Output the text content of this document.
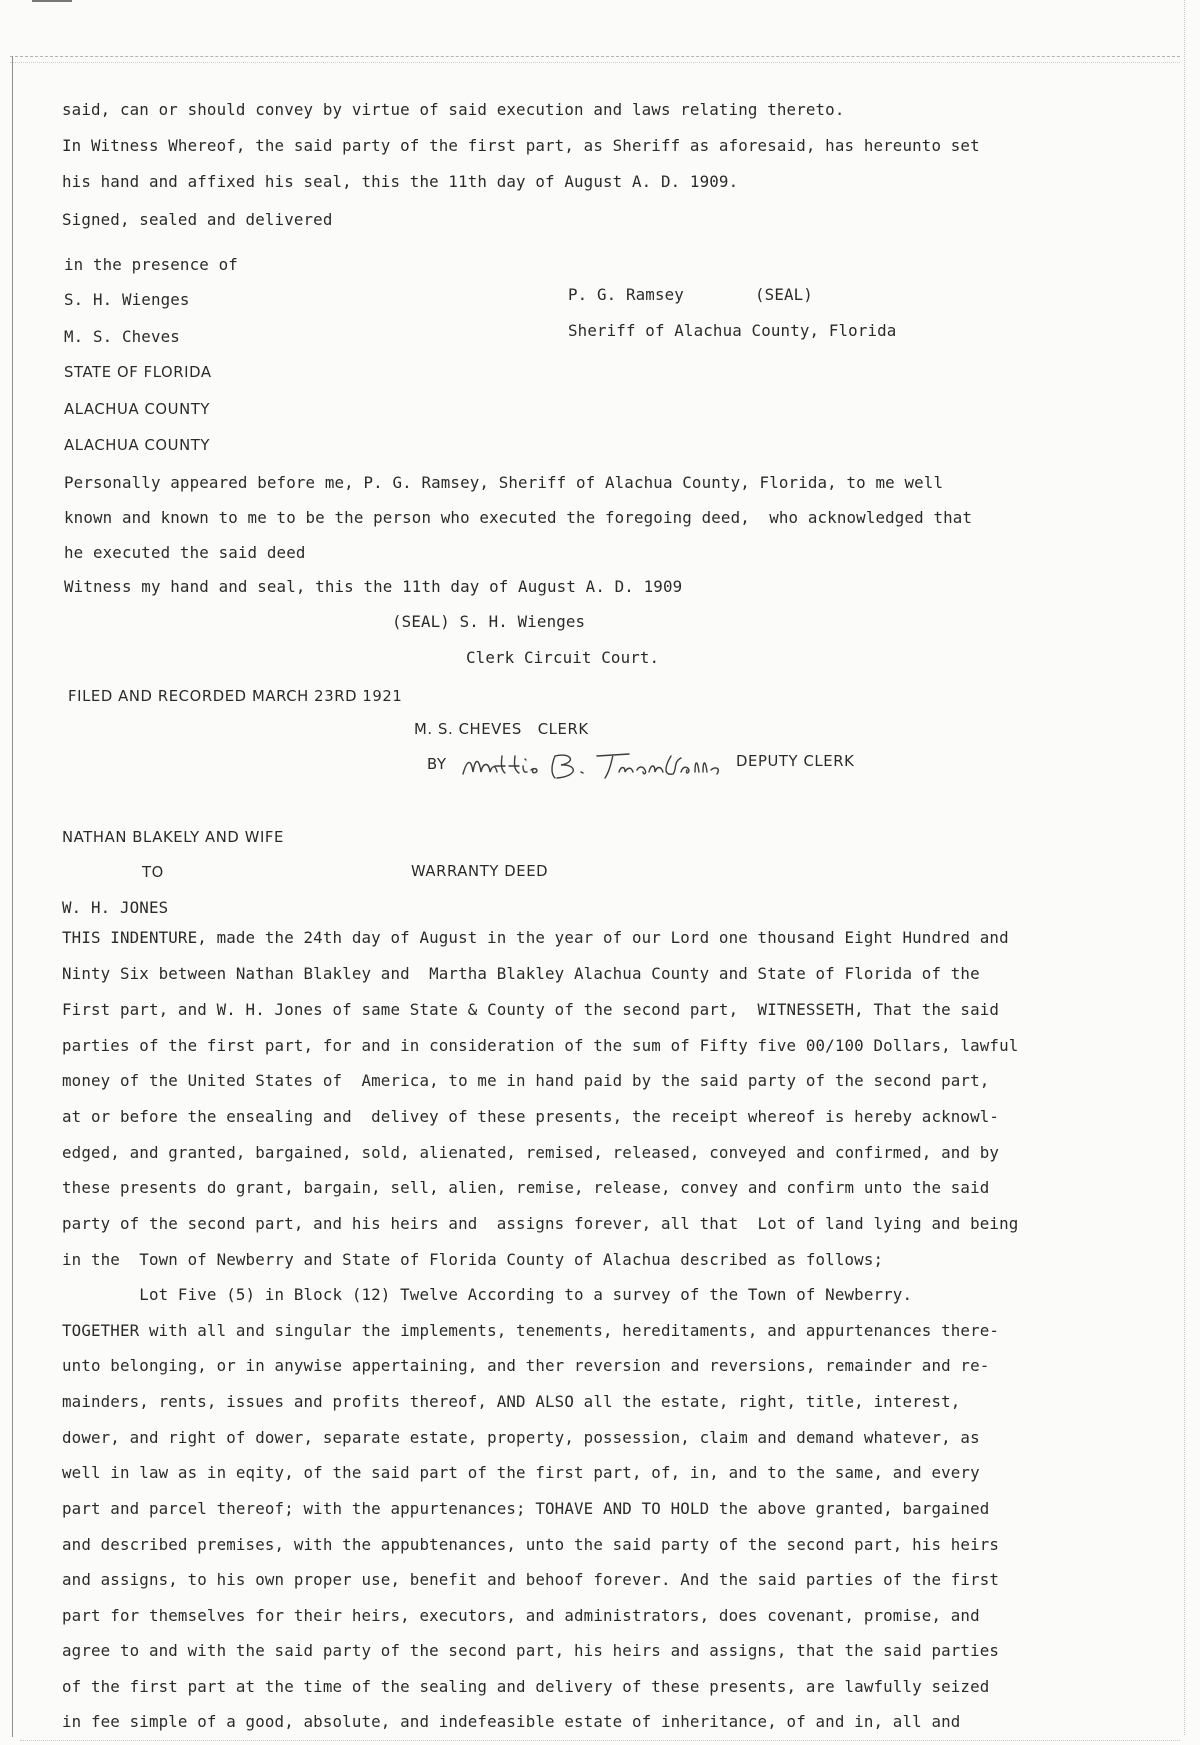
said, can or should convey by virtue of said execution and laws relating thereto.
In Witness Whereof, the said party of the first part, as Sheriff as aforesaid, has hereunto set
his hand and affixed his seal, this the 11th day of August A. D. 1909.
Signed, sealed and delivered
in the presence of
S. H. Wienges	P. G. Ramsey	(SEAL)
M. S. Cheves	Sheriff of Alachua County, Florida
STATE OF FLORIDA
ALACHUA COUNTY
ALACHUA COUNTY
Personally appeared before me, P. G. Ramsey, Sheriff of Alachua County, Florida, to me well
known and known to me to be the person who executed the foregoing deed,  who acknowledged that
he executed the said deed
Witness my hand and seal, this the 11th day of August A. D. 1909
(SEAL) S. H. Wienges
Clerk Circuit Court.
FILED AND RECORDED MARCH 23RD 1921
M. S. CHEVES   CLERK
BY	DEPUTY CLERK
NATHAN BLAKELY AND WIFE
TO	WARRANTY DEED
W. H. JONES
THIS INDENTURE, made the 24th day of August in the year of our Lord one thousand Eight Hundred and
Ninty Six between Nathan Blakley and  Martha Blakley Alachua County and State of Florida of the
First part, and W. H. Jones of same State & County of the second part,  WITNESSETH, That the said
parties of the first part, for and in consideration of the sum of Fifty five 00/100 Dollars, lawful
money of the United States of  America, to me in hand paid by the said party of the second part,
at or before the ensealing and  delivey of these presents, the receipt whereof is hereby acknowl-
edged, and granted, bargained, sold, alienated, remised, released, conveyed and confirmed, and by
these presents do grant, bargain, sell, alien, remise, release, convey and confirm unto the said
party of the second part, and his heirs and  assigns forever, all that  Lot of land lying and being
in the  Town of Newberry and State of Florida County of Alachua described as follows;
Lot Five (5) in Block (12) Twelve According to a survey of the Town of Newberry.
TOGETHER with all and singular the implements, tenements, hereditaments, and appurtenances there-
unto belonging, or in anywise appertaining, and ther reversion and reversions, remainder and re-
mainders, rents, issues and profits thereof, AND ALSO all the estate, right, title, interest,
dower, and right of dower, separate estate, property, possession, claim and demand whatever, as
well in law as in eqity, of the said part of the first part, of, in, and to the same, and every
part and parcel thereof; with the appurtenances; TOHAVE AND TO HOLD the above granted, bargained
and described premises, with the appubtenances, unto the said party of the second part, his heirs
and assigns, to his own proper use, benefit and behoof forever. And the said parties of the first
part for themselves for their heirs, executors, and administrators, does covenant, promise, and
agree to and with the said party of the second part, his heirs and assigns, that the said parties
of the first part at the time of the sealing and delivery of these presents, are lawfully seized
in fee simple of a good, absolute, and indefeasible estate of inheritance, of and in, all and
